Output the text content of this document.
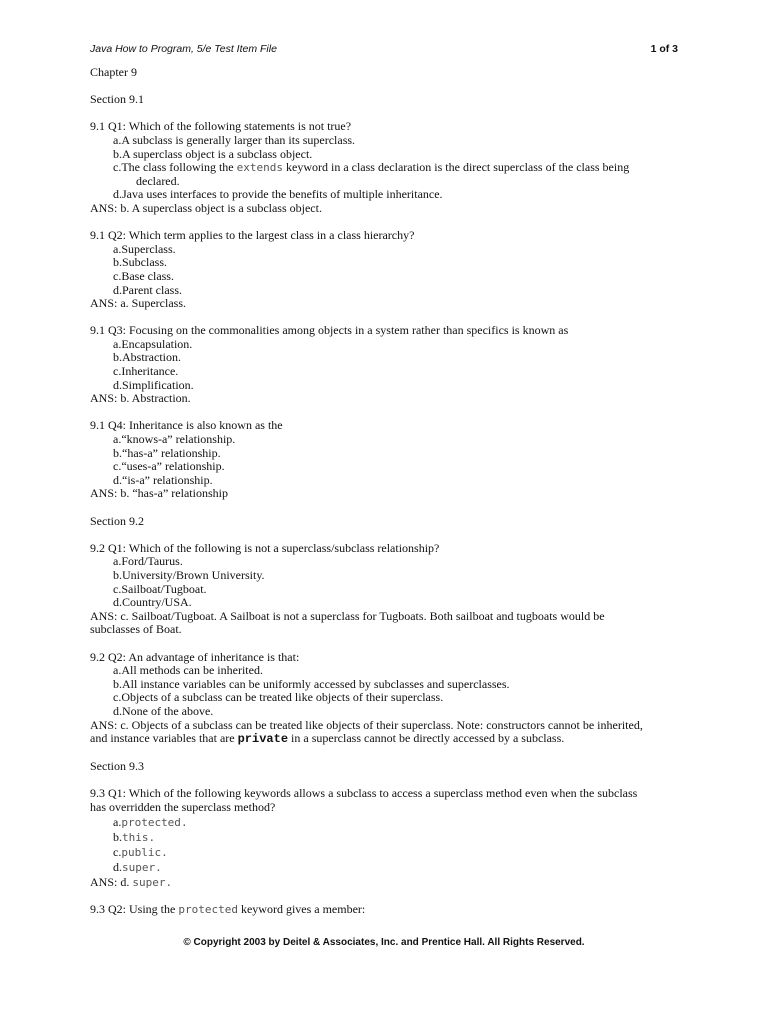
Java How to Program, 5/e Test Item File	1 of 3
Chapter 9
Section 9.1
9.1 Q1: Which of the following statements is not true?
a.A subclass is generally larger than its superclass.
b.A superclass object is a subclass object.
c.The class following the extends keyword in a class declaration is the direct superclass of the class being
declared.
d.Java uses interfaces to provide the benefits of multiple inheritance.
ANS: b. A superclass object is a subclass object.
9.1 Q2: Which term applies to the largest class in a class hierarchy?
a.Superclass.
b.Subclass.
c.Base class.
d.Parent class.
ANS: a. Superclass.
9.1 Q3: Focusing on the commonalities among objects in a system rather than specifics is known as
a.Encapsulation.
b.Abstraction.
c.Inheritance.
d.Simplification.
ANS: b. Abstraction.
9.1 Q4: Inheritance is also known as the
a.“knows-a” relationship.
b.“has-a” relationship.
c.“uses-a” relationship.
d.“is-a” relationship.
ANS: b. “has-a” relationship
Section 9.2
9.2 Q1: Which of the following is not a superclass/subclass relationship?
a.Ford/Taurus.
b.University/Brown University.
c.Sailboat/Tugboat.
d.Country/USA.
ANS: c. Sailboat/Tugboat. A Sailboat is not a superclass for Tugboats. Both sailboat and tugboats would be
subclasses of Boat.
9.2 Q2: An advantage of inheritance is that:
a.All methods can be inherited.
b.All instance variables can be uniformly accessed by subclasses and superclasses.
c.Objects of a subclass can be treated like objects of their superclass.
d.None of the above.
ANS: c. Objects of a subclass can be treated like objects of their superclass. Note: constructors cannot be inherited,
and instance variables that are private in a superclass cannot be directly accessed by a subclass.
Section 9.3
9.3 Q1: Which of the following keywords allows a subclass to access a superclass method even when the subclass
has overridden the superclass method?
a.protected.
b.this.
c.public.
d.super.
ANS: d. super.
9.3 Q2: Using the protected keyword gives a member:
© Copyright 2003 by Deitel & Associates, Inc. and Prentice Hall. All Rights Reserved.
